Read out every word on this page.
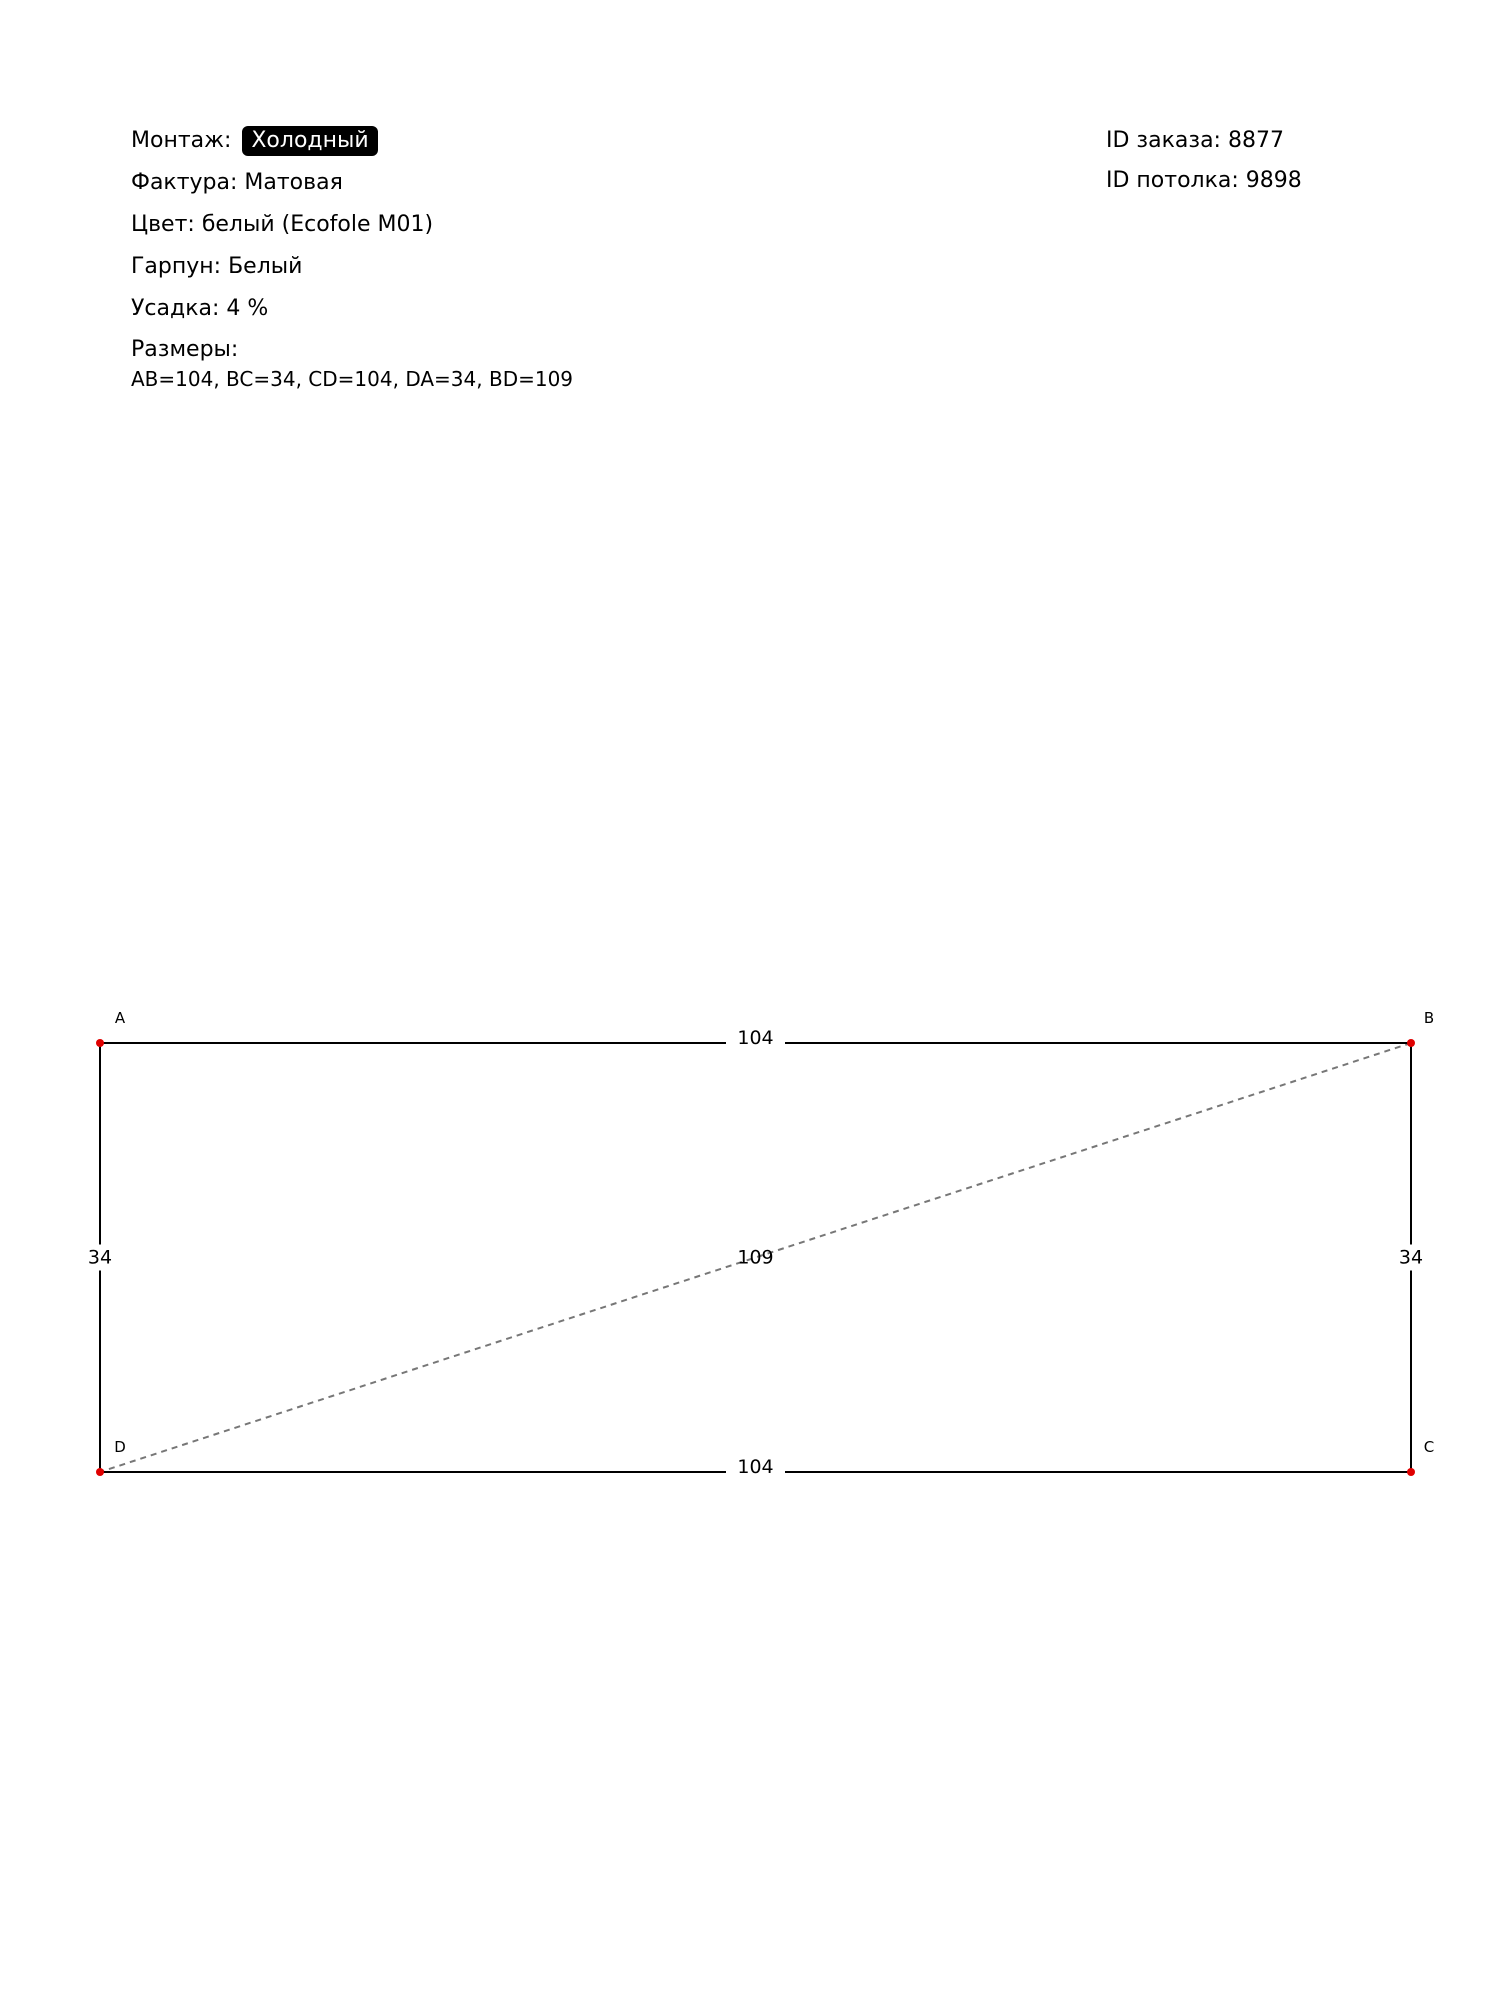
Монтаж: Холодный
Фактура: Матовая
Цвет: белый (Ecofole M01)
Гарпун: Белый
Усадка: 4 %
Размеры:
AB=104, BC=34, CD=104, DA=34, BD=109
ID заказа: 8877
ID потолка: 9898
104
34
104
34	109
A	B
C
D
